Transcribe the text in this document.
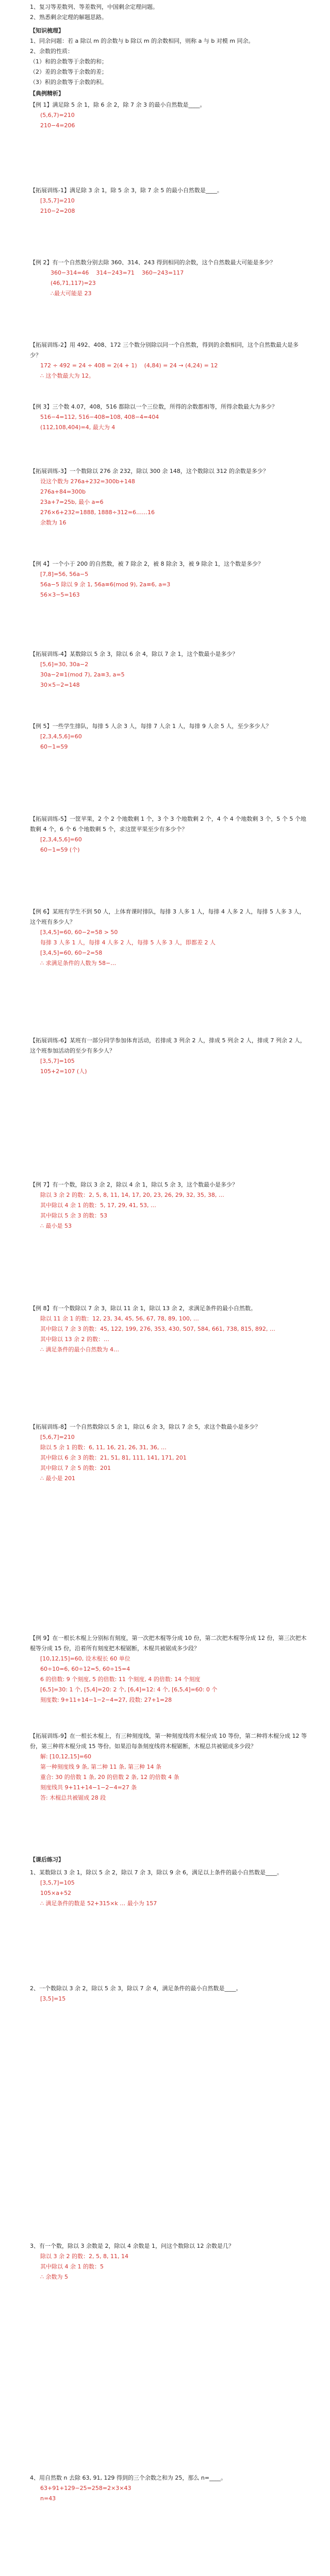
1、复习等差数列、等差数列，中国剩余定理问题。
2、熟悉剩余定理的解题思路。
【知识梳理】
1、同余问题：若 a 除以 m 的余数与 b 除以 m 的余数相同，则称 a 与 b 对模 m 同余。
2、余数的性质：
（1）和的余数等于余数的和；
（2）差的余数等于余数的差；
（3）积的余数等于余数的积。
【典例精析】
【例 1】满足除 5 余 1，除 6 余 2，除 7 余 3 的最小自然数是____。
(5,6,7)=210
210−4=206
【拓展训练-1】满足除 3 余 1，除 5 余 3，除 7 余 5 的最小自然数是____。
[3,5,7]=210
210−2=208
【例 2】有一个自然数分别去除 360、314、243 得到相同的余数，这个自然数最大可能是多少？
360−314=46    314−243=71    360−243=117
(46,71,117)=23
∴最大可能是 23
【拓展训练-2】用 492、408、172 三个数分别除以同一个自然数，得到的余数相同，这个自然数最大是多少？
172 ÷ 492 = 24 ÷ 408 = 2(4 + 1)    (4,84) = 24 → (4,24) = 12
∴ 这个数最大为 12。
【例 3】三个数 4.07，408，516 都除以一个三位数，所得的余数都相等，所得余数最大为多少？
516−4=112, 516−408=108, 408−4=404
(112,108,404)=4, 最大为 4
【拓展训练-3】一个数除以 276 余 232，除以 300 余 148，这个数除以 312 的余数是多少？
设这个数为 276a+232=300b+148
276a+84=300b
23a+7=25b, 最小 a=6
276×6+232=1888, 1888÷312=6……16
余数为 16
【例 4】一个小于 200 的自然数，被 7 除余 2，被 8 除余 3，被 9 除余 1，这个数是多少？
[7,8]=56, 56a−5
56a−5 除以 9 余 1, 56a≡6(mod 9), 2a≡6, a=3
56×3−5=163
【拓展训练-4】某数除以 5 余 3，除以 6 余 4，除以 7 余 1，这个数最小是多少？
[5,6]=30, 30a−2
30a−2≡1(mod 7), 2a≡3, a=5
30×5−2=148
【例 5】一些学生排队，每排 5 人余 3 人，每排 7 人余 1 人，每排 9 人余 5 人，至少多少人？
[2,3,4,5,6]=60
60−1=59
【拓展训练-5】一筐苹果，2 个 2 个地数剩 1 个，3 个 3 个地数剩 2 个，4 个 4 个地数剩 3 个，5 个 5 个地数剩 4 个，6 个 6 个地数剩 5 个，求这筐苹果至少有多少个？
[2,3,4,5,6]=60
60−1=59 (个)
【例 6】某班有学生不到 50 人，上体育课时排队，每排 3 人多 1 人，每排 4 人多 2 人，每排 5 人多 3 人，这个班有多少人？
[3,4,5]=60, 60−2=58 > 50
每排 3 人多 1 人，每排 4 人多 2 人，每排 5 人多 3 人，即都差 2 人
[3,4,5]=60, 60−2=58
∴ 求满足条件的人数为 58−…
【拓展训练-6】某班有一部分同学参加体育活动，若排成 3 列余 2 人，排成 5 列余 2 人，排成 7 列余 2 人，这个班参加活动的至少有多少人？
[3,5,7]=105
105+2=107 (人)
【例 7】有一个数，除以 3 余 2，除以 4 余 1，除以 5 余 3，这个数最小是多少？
除以 3 余 2 的数：2, 5, 8, 11, 14, 17, 20, 23, 26, 29, 32, 35, 38, …
其中除以 4 余 1 的数：5, 17, 29, 41, 53, …
其中除以 5 余 3 的数：53
∴ 最小是 53
【例 8】有一个数除以 7 余 3，除以 11 余 1，除以 13 余 2，求满足条件的最小自然数。
除以 11 余 1 的数：12, 23, 34, 45, 56, 67, 78, 89, 100, …
其中除以 7 余 3 的数：45, 122, 199, 276, 353, 430, 507, 584, 661, 738, 815, 892, …
其中除以 13 余 2 的数：…
∴ 满足条件的最小自然数为 4…
【拓展训练-8】一个自然数除以 5 余 1，除以 6 余 3，除以 7 余 5，求这个数最小是多少？
[5,6,7]=210
除以 5 余 1 的数：6, 11, 16, 21, 26, 31, 36, …
其中除以 6 余 3 的数：21, 51, 81, 111, 141, 171, 201
其中除以 7 余 5 的数：201
∴ 最小是 201
【例 9】在一根长木棍上分别标有刻度，第一次把木棍等分成 10 份，第二次把木棍等分成 12 份，第三次把木棍等分成 15 份，沿着所有刻度把木棍锯断，木棍共被锯成多少段？
[10,12,15]=60, 设木棍长 60 单位
60÷10=6, 60÷12=5, 60÷15=4
6 的倍数: 9 个刻度, 5 的倍数: 11 个刻度, 4 的倍数: 14 个刻度
[6,5]=30: 1 个, [5,4]=20: 2 个, [6,4]=12: 4 个, [6,5,4]=60: 0 个
刻度数: 9+11+14−1−2−4=27, 段数: 27+1=28
【拓展训练-9】在一根长木棍上，有三种刻度线，第一种刻度线将木棍分成 10 等份，第二种将木棍分成 12 等份，第三种将木棍分成 15 等份。如果沿每条刻度线将木棍锯断，木棍总共被锯成多少段？
解: [10,12,15]=60
第一种刻度线 9 条, 第二种 11 条, 第三种 14 条
重合: 30 的倍数 1 条, 20 的倍数 2 条, 12 的倍数 4 条
刻度线共 9+11+14−1−2−4=27 条
答: 木棍总共被锯成 28 段
【课后练习】
1、某数除以 3 余 1，除以 5 余 2，除以 7 余 3，除以 9 余 6，满足以上条件的最小自然数是____。
[3,5,7]=105
105×a+52
∴ 满足条件的数是 52+315×k … 最小为 157
2、一个数除以 3 余 2，除以 5 余 3，除以 7 余 4，满足条件的最小自然数是____。
[3,5]=15
3、有一个数，除以 3 余数是 2，除以 4 余数是 1，问这个数除以 12 余数是几？
除以 3 余 2 的数：2, 5, 8, 11, 14
其中除以 4 余 1 的数：5
∴ 余数为 5
4、用自然数 n 去除 63, 91, 129 得到的三个余数之和为 25，那么 n=____。
63+91+129−25=258=2×3×43
n=43
